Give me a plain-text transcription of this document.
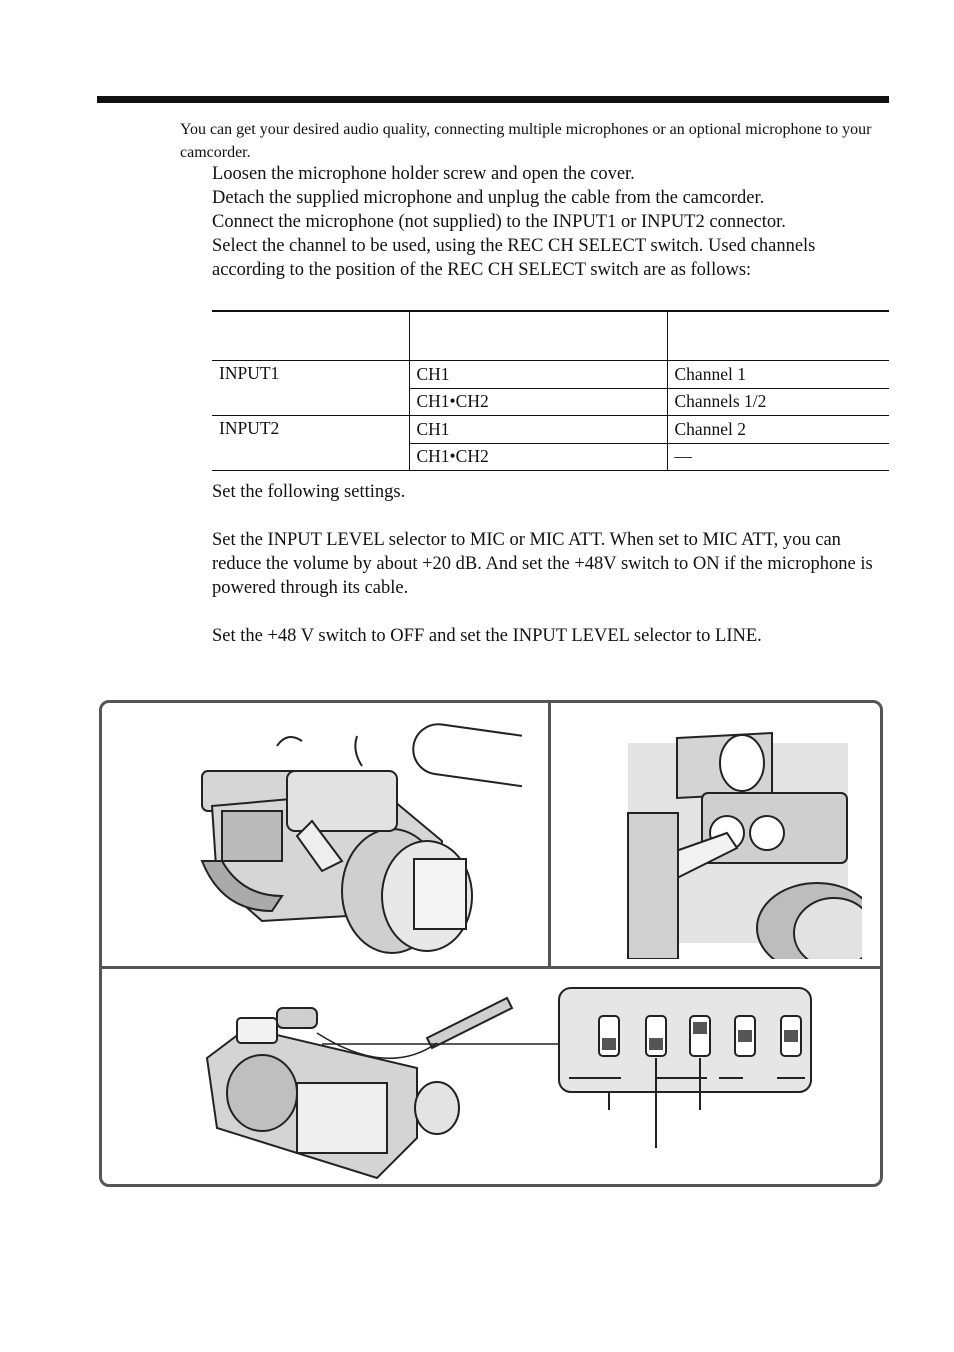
You can get your desired audio quality, connecting multiple microphones or an optional microphone to your camcorder.

Loosen the microphone holder screw and open the cover.

Detach the supplied microphone and unplug the cable from the camcorder.

Connect the microphone (not supplied) to the INPUT1 or INPUT2 connector.

Select the channel to be used, using the REC CH SELECT switch. Used channels according to the position of the REC CH SELECT switch are as follows:

INPUT1	CH1	Channel 1
	CH1•CH2	Channels 1/2
INPUT2	CH1	Channel 2
	CH1•CH2	—

Set the following settings.

Set the INPUT LEVEL selector to MIC or MIC ATT. When set to MIC ATT, you can reduce the volume by about +20 dB. And set the +48V switch to ON if the microphone is powered through its cable.

Set the +48 V switch to OFF and set the INPUT LEVEL selector to LINE.
